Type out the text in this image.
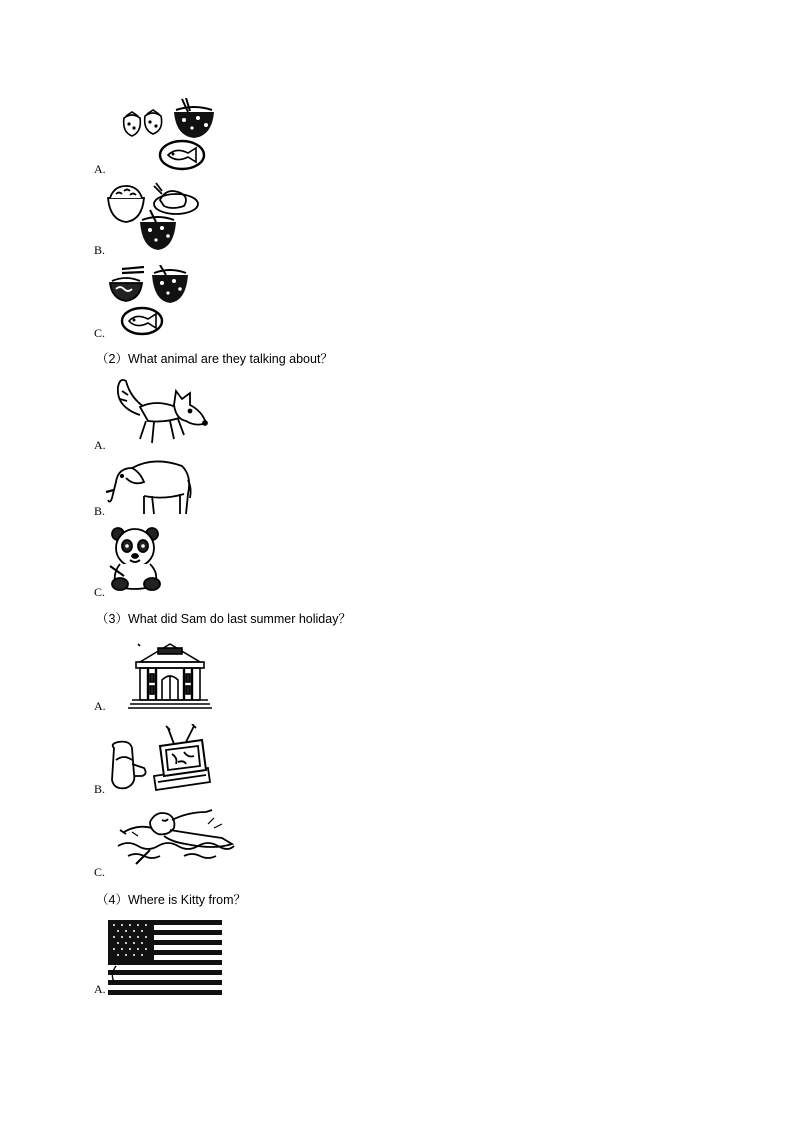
A.
B.
C.
（2）What animal are they talking about？
A.
B.
C.
（3）What did Sam do last summer holiday？
A.
B.
C.
（4）Where is Kitty from？
A.
